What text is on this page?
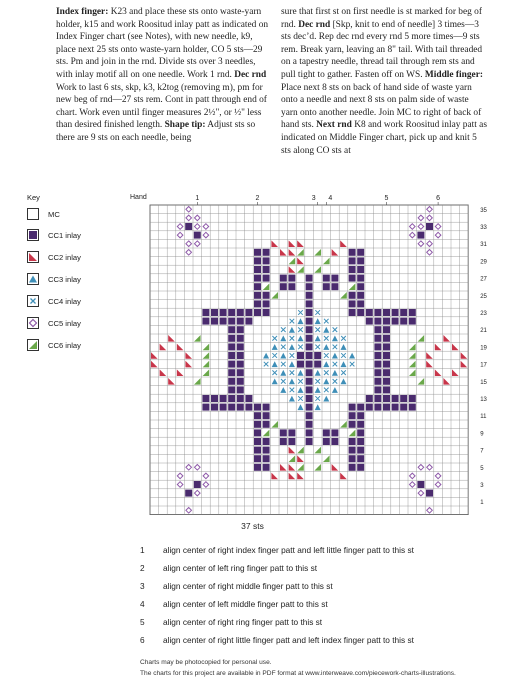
Index finger: K23 and place these sts onto waste-yarn holder, k15 and work Roositud inlay patt as indicated on Index Finger chart (see Notes), with new needle, k9, place next 25 sts onto waste-yarn holder, CO 5 sts—29 sts. Pm and join in the rnd. Divide sts over 3 needles, with inlay motif all on one needle. Work 1 rnd. Dec rnd Work to last 6 sts, skp, k3, k2tog (removing m), pm for new beg of rnd—27 sts rem. Cont in patt through end of chart. Work even until finger measures 2½", or ½" less than desired finished length. Shape tip: Adjust sts so there are 9 sts on each needle, being

sure that first st on first needle is st marked for beg of rnd. Dec rnd [Skp, knit to end of needle] 3 times—3 sts dec’d. Rep dec rnd every rnd 5 more times—9 sts rem. Break yarn, leaving an 8" tail. With tail threaded on a tapestry needle, thread tail through rem sts and pull tight to gather. Fasten off on WS. Middle finger: Place next 8 sts on back of hand side of waste yarn onto a needle and next 8 sts on palm side of waste yarn onto another needle. Join MC to right of back of hand sts. Next rnd K8 and work Roositud inlay patt as indicated on Middle Finger chart, pick up and knit 5 sts along CO sts at

Key
MC
CC1 inlay
CC2 inlay
CC3 inlay
CC4 inlay
CC5 inlay
CC6 inlay
Hand	1	2	3 4	5	6
35
33
31
29
27
25
23
21
19
17
15
13
11
9
7
5
3
1
37 sts
1 align center of right index finger patt and left little finger patt to this st
2 align center of left ring finger patt to this st
3 align center of right middle finger patt to this st
4 align center of left middle finger patt to this st
5 align center of right ring finger patt to this st
6 align center of right little finger patt and left index finger patt to this st
Charts may be photocopied for personal use.
The charts for this project are available in PDF format at www.interweave.com/piecework-charts-illustrations.
